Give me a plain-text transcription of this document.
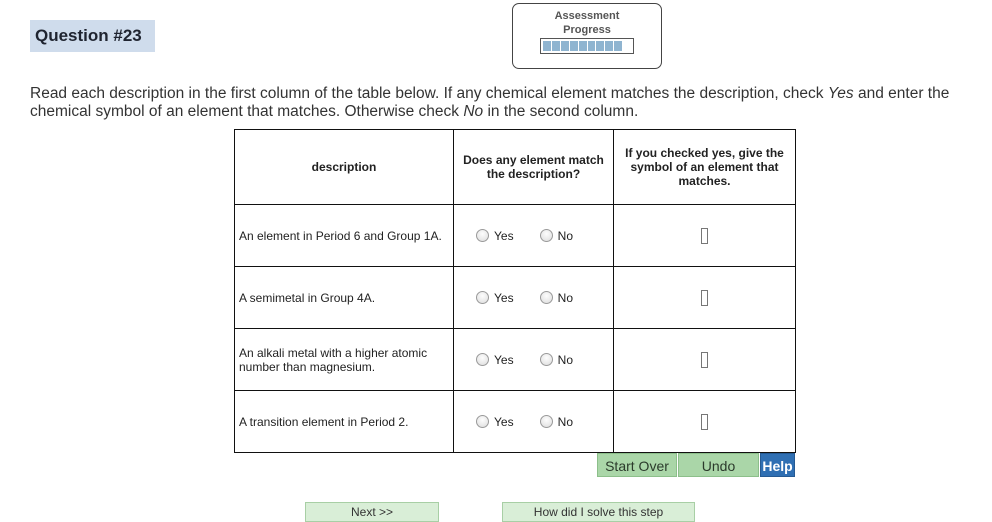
Question #23
Assessment
Progress
Read each description in the first column of the table below. If any chemical element matches the description, check Yes and enter the chemical symbol of an element that matches. Otherwise check No in the second column.
description	Does any element match the description?	If you checked yes, give the symbol of an element that matches.
An element in Period 6 and Group 1A.	Yes No	

A semimetal in Group 4A.	Yes No	

An alkali metal with a higher atomic number than magnesium.	Yes No	

A transition element in Period 2.	Yes No	

Start Over	Undo	Help
Next >>	How did I solve this step
